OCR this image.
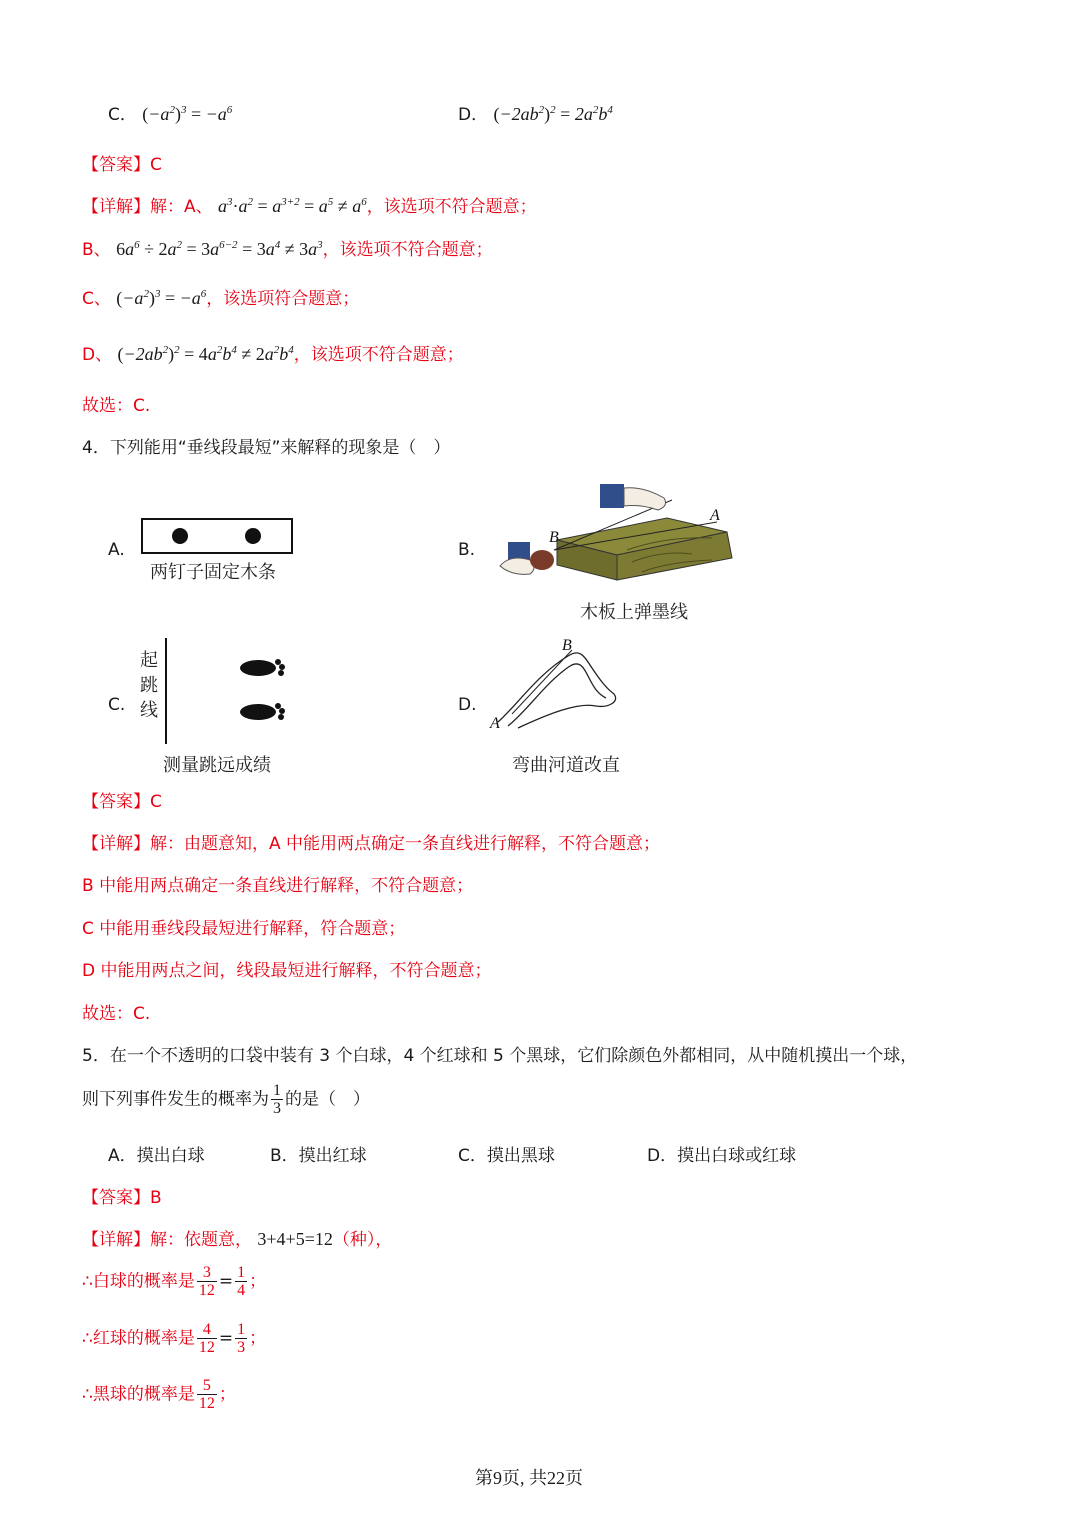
C． $(-a^2)^3 = -a^6$	D． $(-2ab^2)^2 = 2a^2b^4$
【答案】C
【详解】解：A、 $a^3\cdot a^2 = a^{3+2} = a^5 \ne a^6$，该选项不符合题意；
B、 $6a^6 \div 2a^2 = 3a^{6-2} = 3a^4 \ne 3a^3$，该选项不符合题意；
C、 $(-a^2)^3 = -a^6$，该选项符合题意；
D、 $(-2ab^2)^2 = 4a^2b^4 \ne 2a^2b^4$，该选项不符合题意；
故选：C.
4．下列能用“垂线段最短”来解释的现象是（　）
A.
两钉子固定木条
B.
B
A
木板上弹墨线
C.
起跳线
测量跳远成绩
D.
B
A
弯曲河道改直
【答案】C
【详解】解：由题意知，A 中能用两点确定一条直线进行解释，不符合题意；
B 中能用两点确定一条直线进行解释，不符合题意；
C 中能用垂线段最短进行解释，符合题意；
D 中能用两点之间，线段最短进行解释，不符合题意；
故选：C.
5．在一个不透明的口袋中装有 3 个白球，4 个红球和 5 个黑球，它们除颜色外都相同，从中随机摸出一个球，
则下列事件发生的概率为 $\frac{1}{3}$ 的是（　）
A．摸出白球	B．摸出红球	C．摸出黑球	D．摸出白球或红球
【答案】B
【详解】解：依题意， 3+4+5=12（种），
∴白球的概率是 $\frac{3}{12} = \frac{1}{4}$ ；
∴红球的概率是 $\frac{4}{12} = \frac{1}{3}$ ；
∴黑球的概率是 $\frac{5}{12}$ ；
第9页, 共22页
